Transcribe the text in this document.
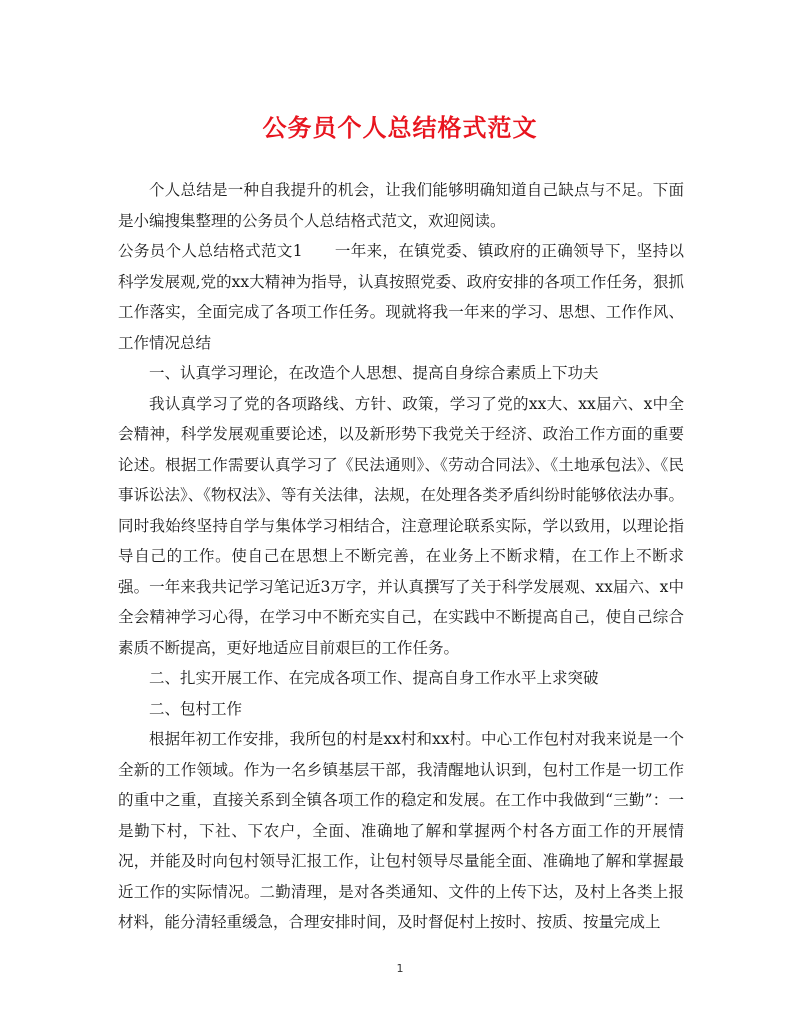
公务员个人总结格式范文

个人总结是一种自我提升的机会，让我们能够明确知道自己缺点与不足。下面是小编搜集整理的公务员个人总结格式范文，欢迎阅读。

公务员个人总结格式范文1　　一年来，在镇党委、镇政府的正确领导下，坚持以科学发展观,党的xx大精神为指导，认真按照党委、政府安排的各项工作任务，狠抓工作落实，全面完成了各项工作任务。现就将我一年来的学习、思想、工作作风、工作情况总结

一、认真学习理论，在改造个人思想、提高自身综合素质上下功夫

我认真学习了党的各项路线、方针、政策，学习了党的xx大、xx届六、x中全会精神，科学发展观重要论述，以及新形势下我党关于经济、政治工作方面的重要论述。根据工作需要认真学习了《民法通则》、《劳动合同法》、《土地承包法》、《民事诉讼法》、《物权法》、等有关法律，法规，在处理各类矛盾纠纷时能够依法办事。同时我始终坚持自学与集体学习相结合，注意理论联系实际，学以致用，以理论指导自己的工作。使自己在思想上不断完善，在业务上不断求精，在工作上不断求强。一年来我共记学习笔记近3万字，并认真撰写了关于科学发展观、xx届六、x中全会精神学习心得，在学习中不断充实自己，在实践中不断提高自己，使自己综合素质不断提高，更好地适应目前艰巨的工作任务。

二、扎实开展工作、在完成各项工作、提高自身工作水平上求突破

二、包村工作

根据年初工作安排，我所包的村是xx村和xx村。中心工作包村对我来说是一个全新的工作领域。作为一名乡镇基层干部，我清醒地认识到，包村工作是一切工作的重中之重，直接关系到全镇各项工作的稳定和发展。在工作中我做到“三勤”：一是勤下村，下社、下农户，全面、准确地了解和掌握两个村各方面工作的开展情况，并能及时向包村领导汇报工作，让包村领导尽量能全面、准确地了解和掌握最近工作的实际情况。二勤清理，是对各类通知、文件的上传下达，及村上各类上报材料，能分清轻重缓急，合理安排时间，及时督促村上按时、按质、按量完成上

1
